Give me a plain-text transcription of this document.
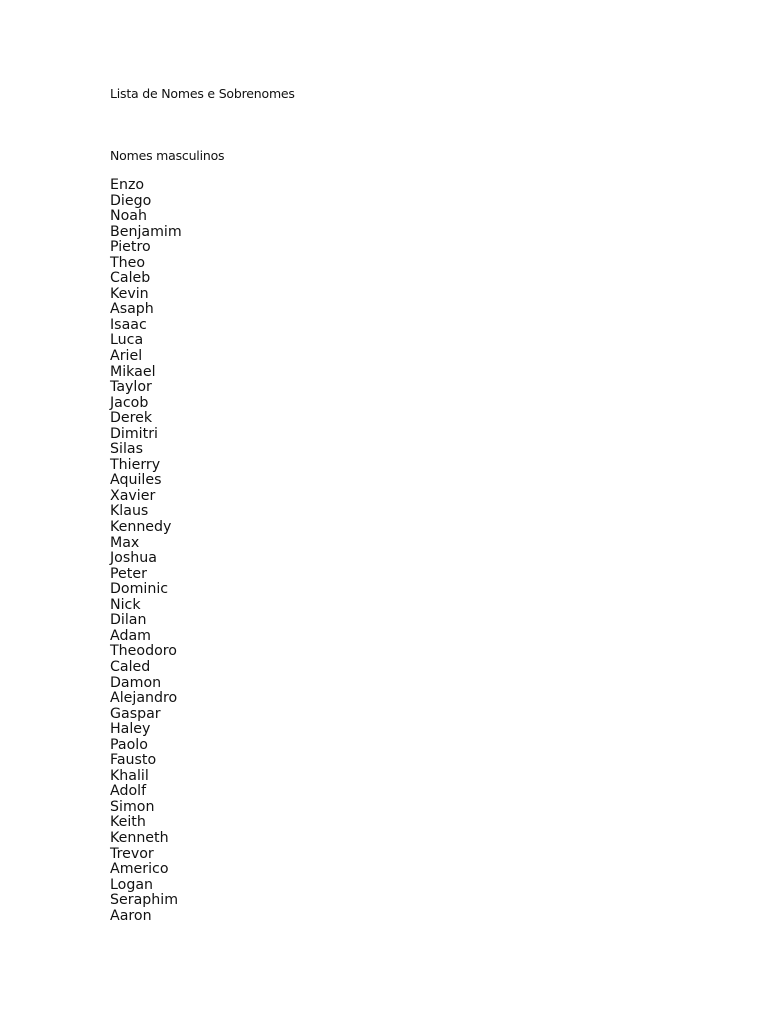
Lista de Nomes e Sobrenomes
Nomes masculinos
Enzo
Diego
Noah
Benjamim
Pietro
Theo
Caleb
Kevin
Asaph
Isaac
Luca
Ariel
Mikael
Taylor
Jacob
Derek
Dimitri
Silas
Thierry
Aquiles
Xavier
Klaus
Kennedy
Max
Joshua
Peter
Dominic
Nick
Dilan
Adam
Theodoro
Caled
Damon
Alejandro
Gaspar
Haley
Paolo
Fausto
Khalil
Adolf
Simon
Keith
Kenneth
Trevor
Americo
Logan
Seraphim
Aaron
